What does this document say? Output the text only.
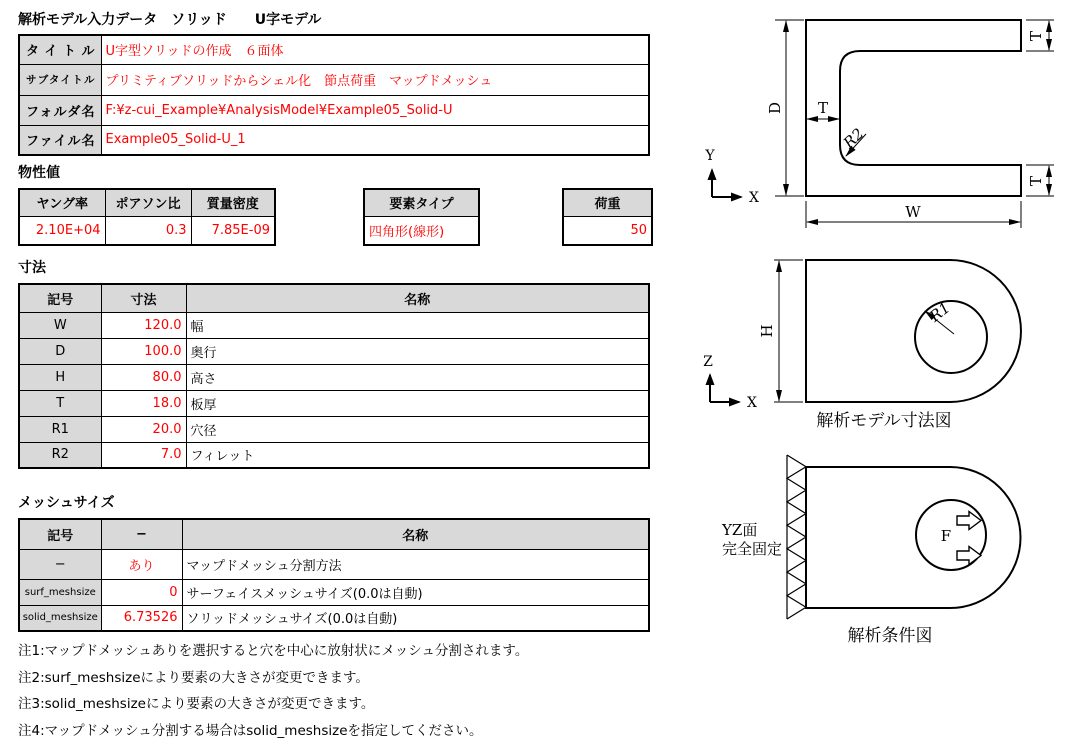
解析モデル入力データ　ソリッド　　U字モデル
タイトル	U字型ソリッドの作成　６面体
サブタイトル	プリミティブソリッドからシェル化　節点荷重　マップドメッシュ
フォルダ名	F:¥z-cui_Example¥AnalysisModel¥Example05_Solid-U
ファイル名	Example05_Solid-U_1
物性値
ヤング率	ポアソン比	質量密度
2.10E+04	0.3	7.85E-09
要素タイプ
四角形(線形)
荷重
50
寸法
記号	寸法	名称
W	120.0	幅
D	100.0	奥行
H	80.0	高さ
T	18.0	板厚
R1	20.0	穴径
R2	7.0	フィレット
メッシュサイズ
記号	−	名称
−	あり	マップドメッシュ分割方法
surf_meshsize	0	サーフェイスメッシュサイズ(0.0は自動)
solid_meshsize	6.73526	ソリッドメッシュサイズ(0.0は自動)
注1:マップドメッシュありを選択すると穴を中心に放射状にメッシュ分割されます。
注2:surf_meshsizeにより要素の大きさが変更できます。
注3:solid_meshsizeにより要素の大きさが変更できます。
注4:マップドメッシュ分割する場合はsolid_meshsizeを指定してください。
D
W
T
R2
T
T
Y
X
R1
H
Z
X
解析モデル寸法図
F
YZ面
完全固定
解析条件図
